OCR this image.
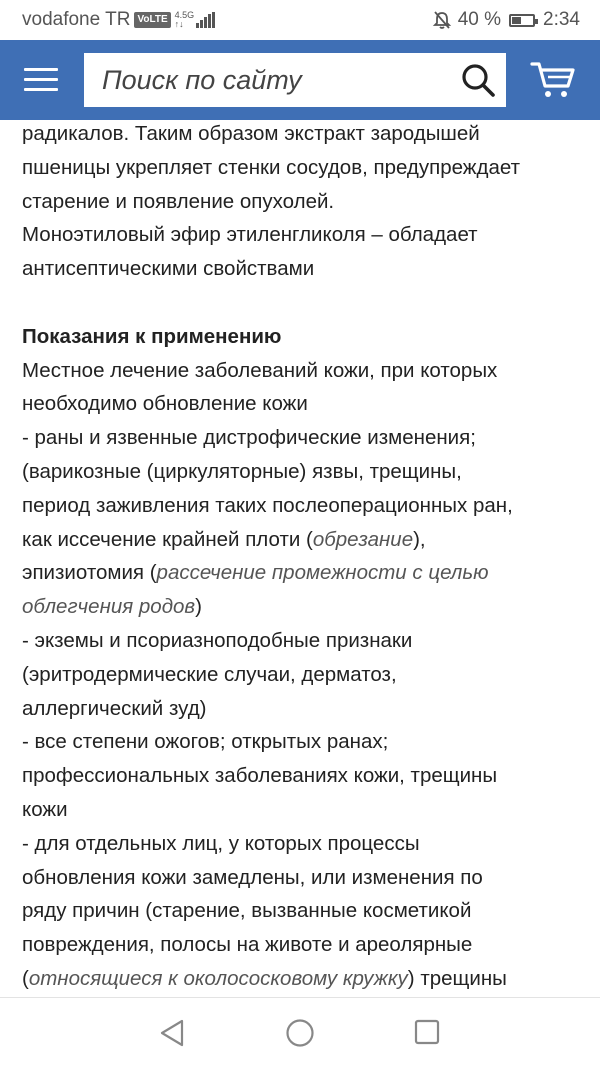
vodafone TR VoLTE 4.5G
↑↓	40 % 2:34
Поиск по сайту

радикалов. Таким образом экстракт зародышей

пшеницы укрепляет стенки сосудов, предупреждает

старение и появление опухолей.

Моноэтиловый эфир этиленгликоля – обладает

антисептическими свойствами

Показания к применению

Местное лечение заболеваний кожи, при которых

необходимо обновление кожи

- раны и язвенные дистрофические изменения;

(варикозные (циркуляторные) язвы, трещины,

период заживления таких послеоперационных ран,

как иссечение крайней плоти (обрезание),

эпизиотомия (рассечение промежности с целью

облегчения родов)

- экземы и псориазноподобные признаки

(эритродермические случаи, дерматоз,

аллергический зуд)

- все степени ожогов; открытых ранах;

профессиональных заболеваниях кожи, трещины

кожи

- для отдельных лиц, у которых процессы

обновления кожи замедлены, или изменения по

ряду причин (старение, вызванные косметикой

повреждения, полосы на животе и ареолярные

(относящиеся к околососковому кружку) трещины
